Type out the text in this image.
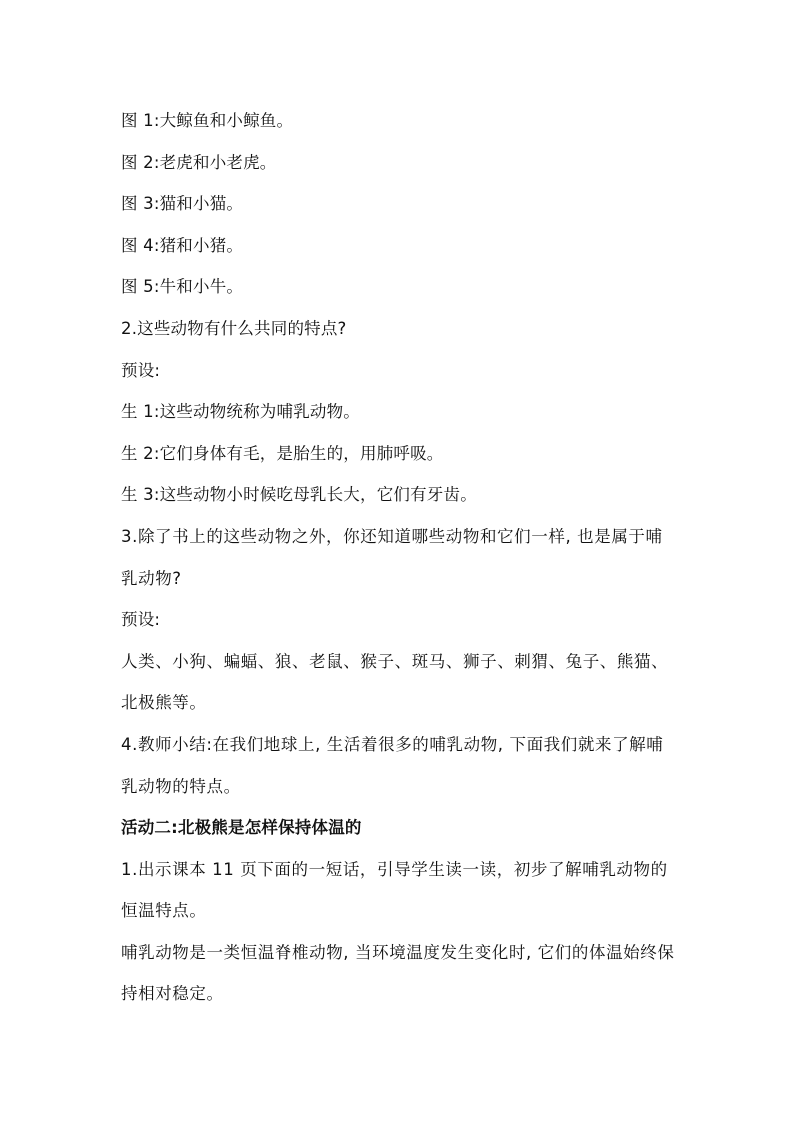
图 1:大鲸鱼和小鲸鱼。
图 2:老虎和小老虎。
图 3:猫和小猫。
图 4:猪和小猪。
图 5:牛和小牛。
2.这些动物有什么共同的特点?
预设:
生 1:这些动物统称为哺乳动物。
生 2:它们身体有毛，是胎生的，用肺呼吸。
生 3:这些动物小时候吃母乳长大，它们有牙齿。
3.除了书上的这些动物之外，你还知道哪些动物和它们一样, 也是属于哺乳动物?
预设:
人类、小狗、蝙蝠、狼、老鼠、猴子、斑马、狮子、刺猬、兔子、熊猫、北极熊等。
4.教师小结:在我们地球上, 生活着很多的哺乳动物, 下面我们就来了解哺乳动物的特点。
活动二:北极熊是怎样保持体温的
1.出示课本 11 页下面的一短话，引导学生读一读，初步了解哺乳动物的恒温特点。
哺乳动物是一类恒温脊椎动物, 当环境温度发生变化时, 它们的体温始终保持相对稳定。
